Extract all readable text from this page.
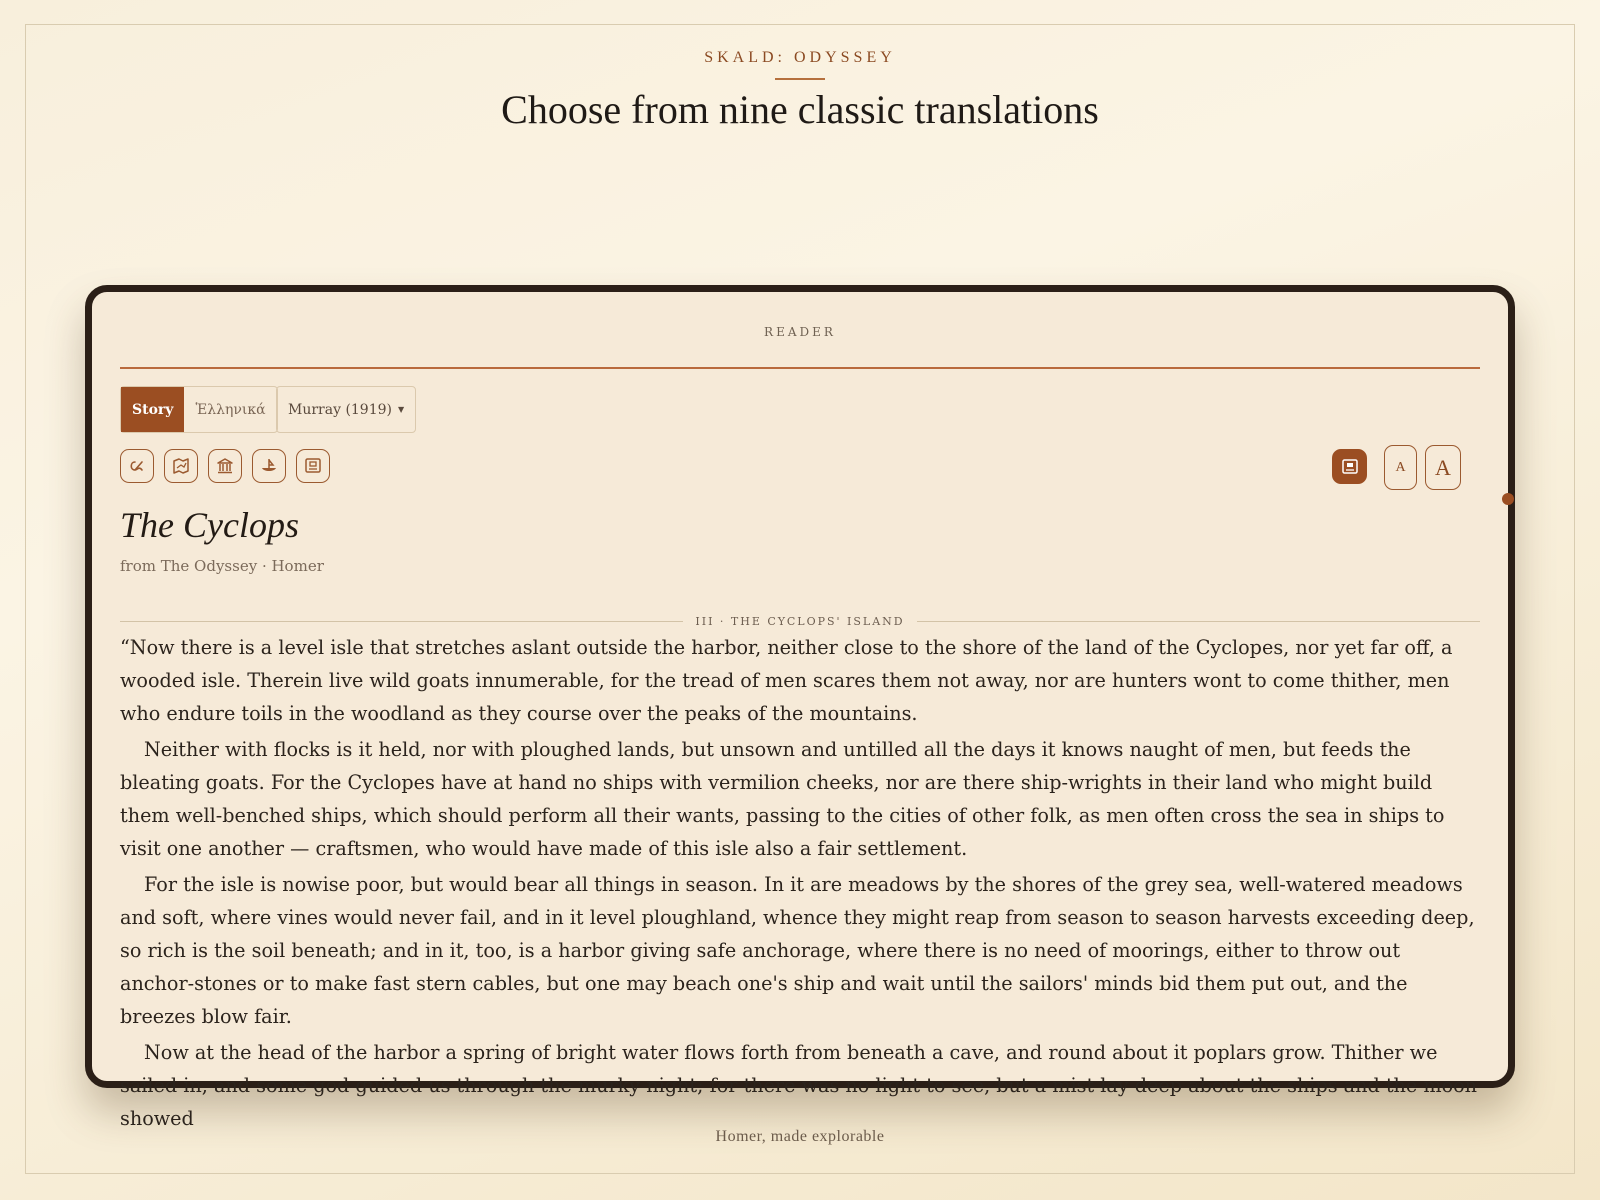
SKALD: ODYSSEY
Choose from nine classic translations
READER
Story	Ἑλληνικά	Murray (1919) ▼
A	A
The Cyclops
from The Odyssey · Homer
III · THE CYCLOPS' ISLAND

“Now there is a level isle that stretches aslant outside the harbor, neither close to the shore of the land of the Cyclopes, nor yet far off, a wooded isle. Therein live wild goats innumerable, for the tread of men scares them not away, nor are hunters wont to come thither, men who endure toils in the woodland as they course over the peaks of the mountains.

Neither with flocks is it held, nor with ploughed lands, but unsown and untilled all the days it knows naught of men, but feeds the bleating goats. For the Cyclopes have at hand no ships with vermilion cheeks, nor are there ship-wrights in their land who might build them well-benched ships, which should perform all their wants, passing to the cities of other folk, as men often cross the sea in ships to visit one another — craftsmen, who would have made of this isle also a fair settlement.

For the isle is nowise poor, but would bear all things in season. In it are meadows by the shores of the grey sea, well-watered meadows and soft, where vines would never fail, and in it level ploughland, whence they might reap from season to season harvests exceeding deep, so rich is the soil beneath; and in it, too, is a harbor giving safe anchorage, where there is no need of moorings, either to throw out anchor-stones or to make fast stern cables, but one may beach one's ship and wait until the sailors' minds bid them put out, and the breezes blow fair.

Now at the head of the harbor a spring of bright water flows forth from beneath a cave, and round about it poplars grow. Thither we sailed in, and some god guided us through the murky night; for there was no light to see, but a mist lay deep about the ships and the moon showed

Homer, made explorable
